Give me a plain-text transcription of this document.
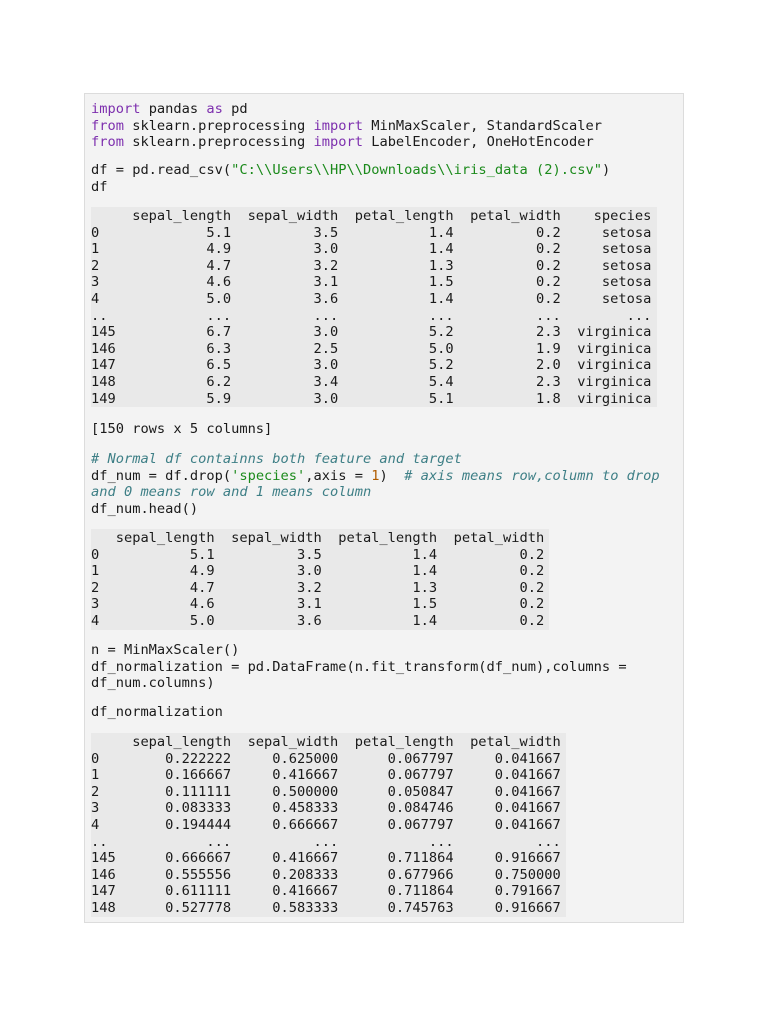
import pandas as pd
from sklearn.preprocessing import MinMaxScaler, StandardScaler
from sklearn.preprocessing import LabelEncoder, OneHotEncoder
df = pd.read_csv("C:\\Users\\HP\\Downloads\\iris_data (2).csv")
df
sepal_length  sepal_width  petal_length  petal_width    species
0             5.1          3.5           1.4          0.2     setosa
1             4.9          3.0           1.4          0.2     setosa
2             4.7          3.2           1.3          0.2     setosa
3             4.6          3.1           1.5          0.2     setosa
4             5.0          3.6           1.4          0.2     setosa
..            ...          ...           ...          ...        ...
145           6.7          3.0           5.2          2.3  virginica
146           6.3          2.5           5.0          1.9  virginica
147           6.5          3.0           5.2          2.0  virginica
148           6.2          3.4           5.4          2.3  virginica
149           5.9          3.0           5.1          1.8  virginica
[150 rows x 5 columns]
# Normal df containns both feature and target
df_num = df.drop('species',axis = 1)  # axis means row,column to drop
and 0 means row and 1 means column
df_num.head()
sepal_length  sepal_width  petal_length  petal_width
0           5.1          3.5           1.4          0.2
1           4.9          3.0           1.4          0.2
2           4.7          3.2           1.3          0.2
3           4.6          3.1           1.5          0.2
4           5.0          3.6           1.4          0.2
n = MinMaxScaler()
df_normalization = pd.DataFrame(n.fit_transform(df_num),columns =
df_num.columns)
df_normalization
sepal_length  sepal_width  petal_length  petal_width
0        0.222222     0.625000      0.067797     0.041667
1        0.166667     0.416667      0.067797     0.041667
2        0.111111     0.500000      0.050847     0.041667
3        0.083333     0.458333      0.084746     0.041667
4        0.194444     0.666667      0.067797     0.041667
..            ...          ...           ...          ...
145      0.666667     0.416667      0.711864     0.916667
146      0.555556     0.208333      0.677966     0.750000
147      0.611111     0.416667      0.711864     0.791667
148      0.527778     0.583333      0.745763     0.916667
